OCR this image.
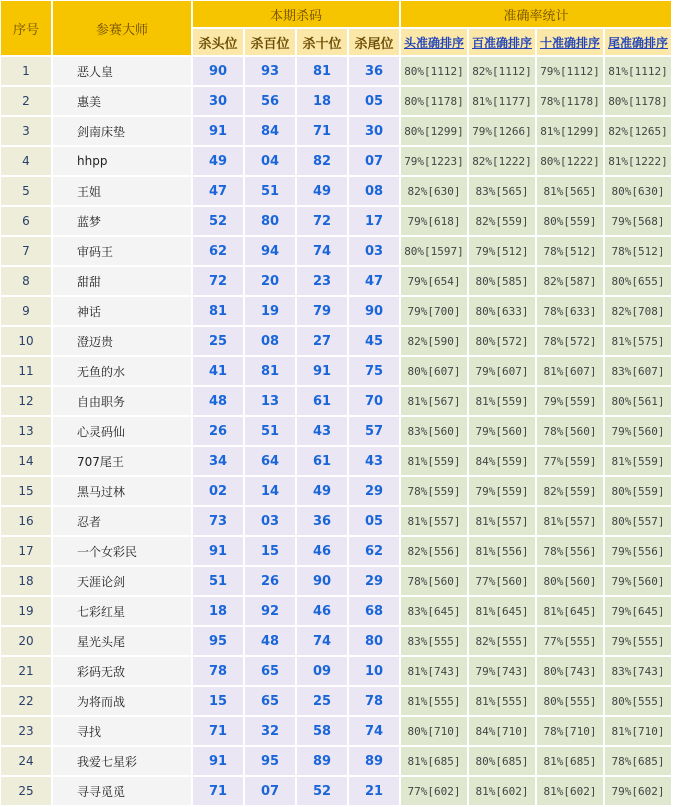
序号	参赛大师	本期杀码				准确率统计			
		杀头位	杀百位	杀十位	杀尾位	头准确排序	百准确排序	十准确排序	尾准确排序
1	恶人皇	90	93	81	36	80%[1112]	82%[1112]	79%[1112]	81%[1112]
2	惠美	30	56	18	05	80%[1178]	81%[1177]	78%[1178]	80%[1178]
3	剑南床垫	91	84	71	30	80%[1299]	79%[1266]	81%[1299]	82%[1265]
4	hhpp	49	04	82	07	79%[1223]	82%[1222]	80%[1222]	81%[1222]
5	王姐	47	51	49	08	82%[630]	83%[565]	81%[565]	80%[630]
6	蓝梦	52	80	72	17	79%[618]	82%[559]	80%[559]	79%[568]
7	审码王	62	94	74	03	80%[1597]	79%[512]	78%[512]	78%[512]
8	甜甜	72	20	23	47	79%[654]	80%[585]	82%[587]	80%[655]
9	神话	81	19	79	90	79%[700]	80%[633]	78%[633]	82%[708]
10	澄迈贵	25	08	27	45	82%[590]	80%[572]	78%[572]	81%[575]
11	无鱼的水	41	81	91	75	80%[607]	79%[607]	81%[607]	83%[607]
12	自由职务	48	13	61	70	81%[567]	81%[559]	79%[559]	80%[561]
13	心灵码仙	26	51	43	57	83%[560]	79%[560]	78%[560]	79%[560]
14	707尾王	34	64	61	43	81%[559]	84%[559]	77%[559]	81%[559]
15	黑马过林	02	14	49	29	78%[559]	79%[559]	82%[559]	80%[559]
16	忍者	73	03	36	05	81%[557]	81%[557]	81%[557]	80%[557]
17	一个女彩民	91	15	46	62	82%[556]	81%[556]	78%[556]	79%[556]
18	天涯论剑	51	26	90	29	78%[560]	77%[560]	80%[560]	79%[560]
19	七彩红星	18	92	46	68	83%[645]	81%[645]	81%[645]	79%[645]
20	星光头尾	95	48	74	80	83%[555]	82%[555]	77%[555]	79%[555]
21	彩码无敌	78	65	09	10	81%[743]	79%[743]	80%[743]	83%[743]
22	为将而战	15	65	25	78	81%[555]	81%[555]	80%[555]	80%[555]
23	寻找	71	32	58	74	80%[710]	84%[710]	78%[710]	81%[710]
24	我爱七星彩	91	95	89	89	81%[685]	80%[685]	81%[685]	78%[685]
25	寻寻觅觅	71	07	52	21	77%[602]	81%[602]	81%[602]	79%[602]
